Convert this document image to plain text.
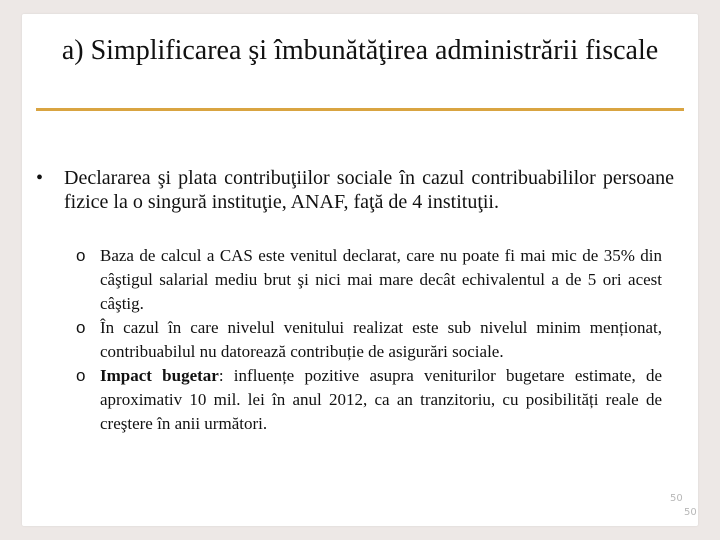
a) Simplificarea şi îmbunătăţirea administrării fiscale
• Declararea şi plata contribuţiilor sociale în cazul contribuabililor persoane fizice la o singură instituţie, ANAF, faţă de 4 instituţii.
o Baza de calcul a CAS este venitul declarat, care nu poate fi mai mic de 35% din câştigul salarial mediu brut şi nici mai mare decât echivalentul a de 5 ori acest câştig.
o În cazul în care nivelul venitului realizat este sub nivelul minim menționat, contribuabilul nu datorează contribuție de asigurări sociale.
o Impact bugetar: influențe pozitive asupra veniturilor bugetare estimate, de aproximativ 10 mil. lei în anul 2012, ca an tranzitoriu, cu posibilități reale de creştere în anii următori.
50
50
